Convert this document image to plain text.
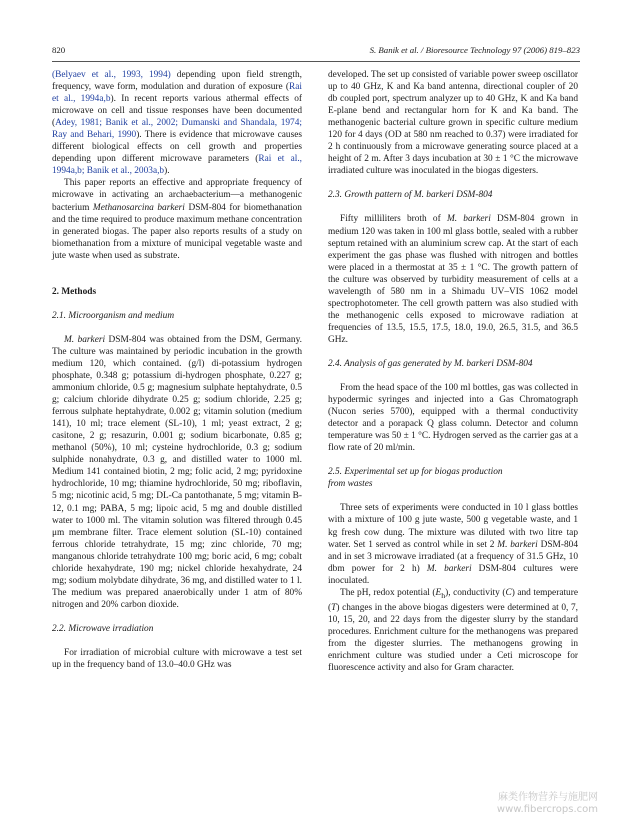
820	S. Banik et al. / Bioresource Technology 97 (2006) 819–823

(Belyaev et al., 1993, 1994) depending upon field strength, frequency, wave form, modulation and duration of exposure (Rai et al., 1994a,b). In recent reports various athermal effects of microwave on cell and tissue responses have been documented (Adey, 1981; Banik et al., 2002; Dumanski and Shandala, 1974; Ray and Behari, 1990). There is evidence that microwave causes different biological effects on cell growth and properties depending upon different microwave parameters (Rai et al., 1994a,b; Banik et al., 2003a,b).

This paper reports an effective and appropriate frequency of microwave in activating an archaebacterium—a methanogenic bacterium Methanosarcina barkeri DSM-804 for biomethanation and the time required to produce maximum methane concentration in generated biogas. The paper also reports results of a study on biomethanation from a mixture of municipal vegetable waste and jute waste when used as substrate.

2. Methods

2.1. Microorganism and medium

M. barkeri DSM-804 was obtained from the DSM, Germany. The culture was maintained by periodic incubation in the growth medium 120, which contained. (g/l) di-potassium hydrogen phosphate, 0.348 g; potassium di-hydrogen phosphate, 0.227 g; ammonium chloride, 0.5 g; magnesium sulphate heptahydrate, 0.5 g; calcium chloride dihydrate 0.25 g; sodium chloride, 2.25 g; ferrous sulphate heptahydrate, 0.002 g; vitamin solution (medium 141), 10 ml; trace element (SL-10), 1 ml; yeast extract, 2 g; casitone, 2 g; resazurin, 0.001 g; sodium bicarbonate, 0.85 g; methanol (50%), 10 ml; cysteine hydrochloride, 0.3 g; sodium sulphide nonahydrate, 0.3 g, and distilled water to 1000 ml. Medium 141 contained biotin, 2 mg; folic acid, 2 mg; pyridoxine hydrochloride, 10 mg; thiamine hydrochloride, 50 mg; riboflavin, 5 mg; nicotinic acid, 5 mg; DL-Ca pantothanate, 5 mg; vitamin B-12, 0.1 mg; PABA, 5 mg; lipoic acid, 5 mg and double distilled water to 1000 ml. The vitamin solution was filtered through 0.45 μm membrane filter. Trace element solution (SL-10) contained ferrous chloride tetrahydrate, 15 mg; zinc chloride, 70 mg; manganous chloride tetrahydrate 100 mg; boric acid, 6 mg; cobalt chloride hexahydrate, 190 mg; nickel chloride hexahydrate, 24 mg; sodium molybdate dihydrate, 36 mg, and distilled water to 1 l. The medium was prepared anaerobically under 1 atm of 80% nitrogen and 20% carbon dioxide.

2.2. Microwave irradiation

For irradiation of microbial culture with microwave a test set up in the frequency band of 13.0–40.0 GHz was

developed. The set up consisted of variable power sweep oscillator up to 40 GHz, K and Ka band antenna, directional coupler of 20 db coupled port, spectrum analyzer up to 40 GHz, K and Ka band E-plane bend and rectangular horn for K and Ka band. The methanogenic bacterial culture grown in specific culture medium 120 for 4 days (OD at 580 nm reached to 0.37) were irradiated for 2 h continuously from a microwave generating source placed at a height of 2 m. After 3 days incubation at 30 ± 1 °C the microwave irradiated culture was inoculated in the biogas digesters.

2.3. Growth pattern of M. barkeri DSM-804

Fifty milliliters broth of M. barkeri DSM-804 grown in medium 120 was taken in 100 ml glass bottle, sealed with a rubber septum retained with an aluminium screw cap. At the start of each experiment the gas phase was flushed with nitrogen and bottles were placed in a thermostat at 35 ± 1 °C. The growth pattern of the culture was observed by turbidity measurement of cells at a wavelength of 580 nm in a Shimadu UV–VIS 1062 model spectrophotometer. The cell growth pattern was also studied with the methanogenic cells exposed to microwave radiation at frequencies of 13.5, 15.5, 17.5, 18.0, 19.0, 26.5, 31.5, and 36.5 GHz.

2.4. Analysis of gas generated by M. barkeri DSM-804

From the head space of the 100 ml bottles, gas was collected in hypodermic syringes and injected into a Gas Chromatograph (Nucon series 5700), equipped with a thermal conductivity detector and a porapack Q glass column. Detector and column temperature was 50 ± 1 °C. Hydrogen served as the carrier gas at a flow rate of 20 ml/min.

2.5. Experimental set up for biogas production
from wastes

Three sets of experiments were conducted in 10 l glass bottles with a mixture of 100 g jute waste, 500 g vegetable waste, and 1 kg fresh cow dung. The mixture was diluted with two litre tap water. Set 1 served as control while in set 2 M. barkeri DSM-804 and in set 3 microwave irradiated (at a frequency of 31.5 GHz, 10 dbm power for 2 h) M. barkeri DSM-804 cultures were inoculated.

The pH, redox potential $(E_h)$, conductivity (C) and temperature (T) changes in the above biogas digesters were determined at 0, 7, 10, 15, 20, and 22 days from the digester slurry by the standard procedures. Enrichment culture for the methanogens was prepared from the digester slurries. The methanogens growing in enrichment culture was studied under a Ceti microscope for fluorescence activity and also for Gram character.

麻类作物营养与施肥网
www.fibercrops.com
